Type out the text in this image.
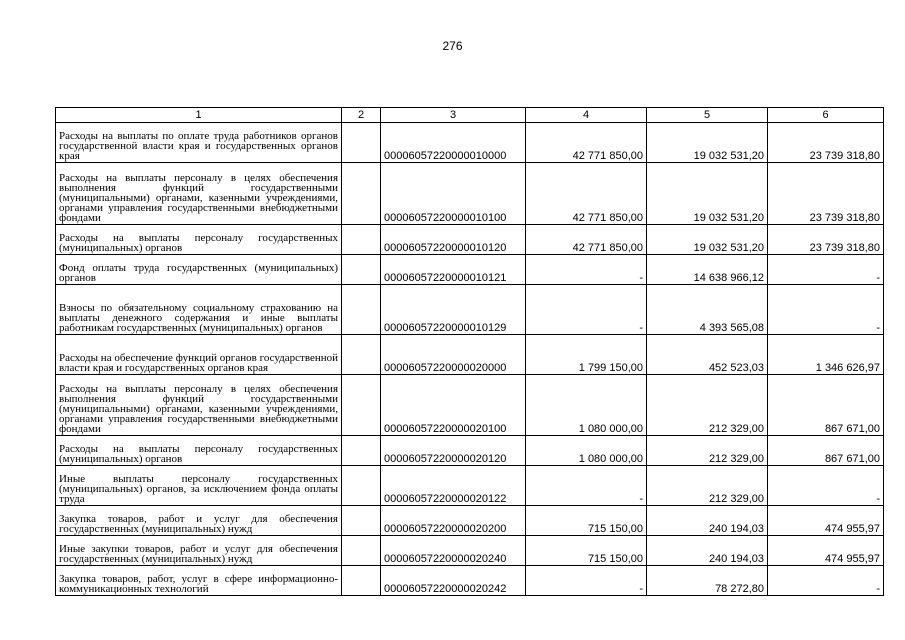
276
1	2	3	4	5	6
Расходы на выплаты по оплате труда работников органов государственной власти края и государственных органов края		00006057220000010000	42 771 850,00	19 032 531,20	23 739 318,80
Расходы на выплаты персоналу в целях обеспечения выполнения функций государственными (муниципальными) органами, казенными учреждениями, органами управления государственными внебюджетными фондами		00006057220000010100	42 771 850,00	19 032 531,20	23 739 318,80
Расходы на выплаты персоналу государственных (муниципальных) органов		00006057220000010120	42 771 850,00	19 032 531,20	23 739 318,80
Фонд оплаты труда государственных (муниципальных) органов		00006057220000010121	-	14 638 966,12	-
Взносы по обязательному социальному страхованию на выплаты денежного содержания и иные выплаты работникам государственных (муниципальных) органов		00006057220000010129	-	4 393 565,08	-
Расходы на обеспечение функций органов государственной власти края и государственных органов края		00006057220000020000	1 799 150,00	452 523,03	1 346 626,97
Расходы на выплаты персоналу в целях обеспечения выполнения функций государственными (муниципальными) органами, казенными учреждениями, органами управления государственными внебюджетными фондами		00006057220000020100	1 080 000,00	212 329,00	867 671,00
Расходы на выплаты персоналу государственных (муниципальных) органов		00006057220000020120	1 080 000,00	212 329,00	867 671,00
Иные выплаты персоналу государственных (муниципальных) органов, за исключением фонда оплаты труда		00006057220000020122	-	212 329,00	-
Закупка товаров, работ и услуг для обеспечения государственных (муниципальных) нужд		00006057220000020200	715 150,00	240 194,03	474 955,97
Иные закупки товаров, работ и услуг для обеспечения государственных (муниципальных) нужд		00006057220000020240	715 150,00	240 194,03	474 955,97
Закупка товаров, работ, услуг в сфере информационно-коммуникационных технологий		00006057220000020242	-	78 272,80	-
